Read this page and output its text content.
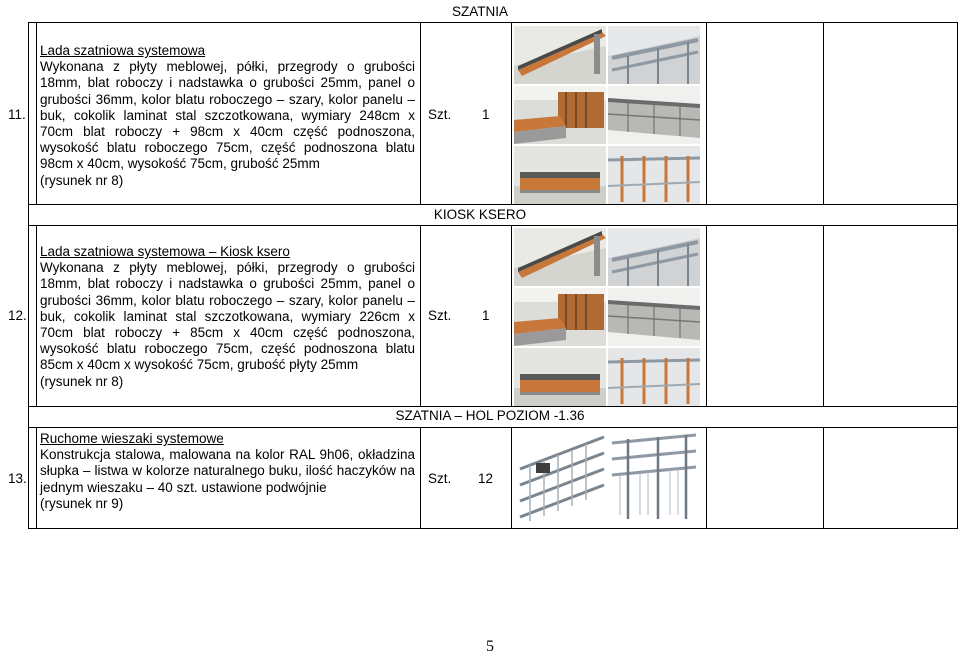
SZATNIA
KIOSK KSERO
SZATNIA – HOL POZIOM -1.36
11.
Lada szatniowa systemowa
Wykonana z płyty meblowej, półki, przegrody o grubości 18mm, blat roboczy i nadstawka o grubości 25mm, panel o grubości 36mm, kolor blatu roboczego – szary, kolor panelu – buk, cokolik laminat stal szczotkowana, wymiary 248cm x 70cm blat roboczy + 98cm x 40cm część podnoszona, wysokość blatu roboczego 75cm, część podnoszona blatu 98cm x 40cm, wysokość 75cm, grubość 25mm
(rysunek nr 8)
Szt. 1
12.
Lada szatniowa systemowa – Kiosk ksero
Wykonana z płyty meblowej, półki, przegrody o grubości 18mm, blat roboczy i nadstawka o grubości 25mm, panel o grubości 36mm, kolor blatu roboczego – szary, kolor panelu – buk, cokolik laminat stal szczotkowana, wymiary 226cm x 70cm blat roboczy + 85cm x 40cm część podnoszona, wysokość blatu roboczego 75cm, część podnoszona blatu 85cm x 40cm x wysokość 75cm, grubość płyty 25mm
(rysunek nr 8)
Szt. 1
13.
Ruchome wieszaki systemowe
Konstrukcja stalowa, malowana na kolor RAL 9h06, okładzina słupka – listwa w kolorze naturalnego buku, ilość haczyków na jednym wieszaku – 40 szt. ustawione podwójnie
(rysunek nr 9)
Szt. 12
5
